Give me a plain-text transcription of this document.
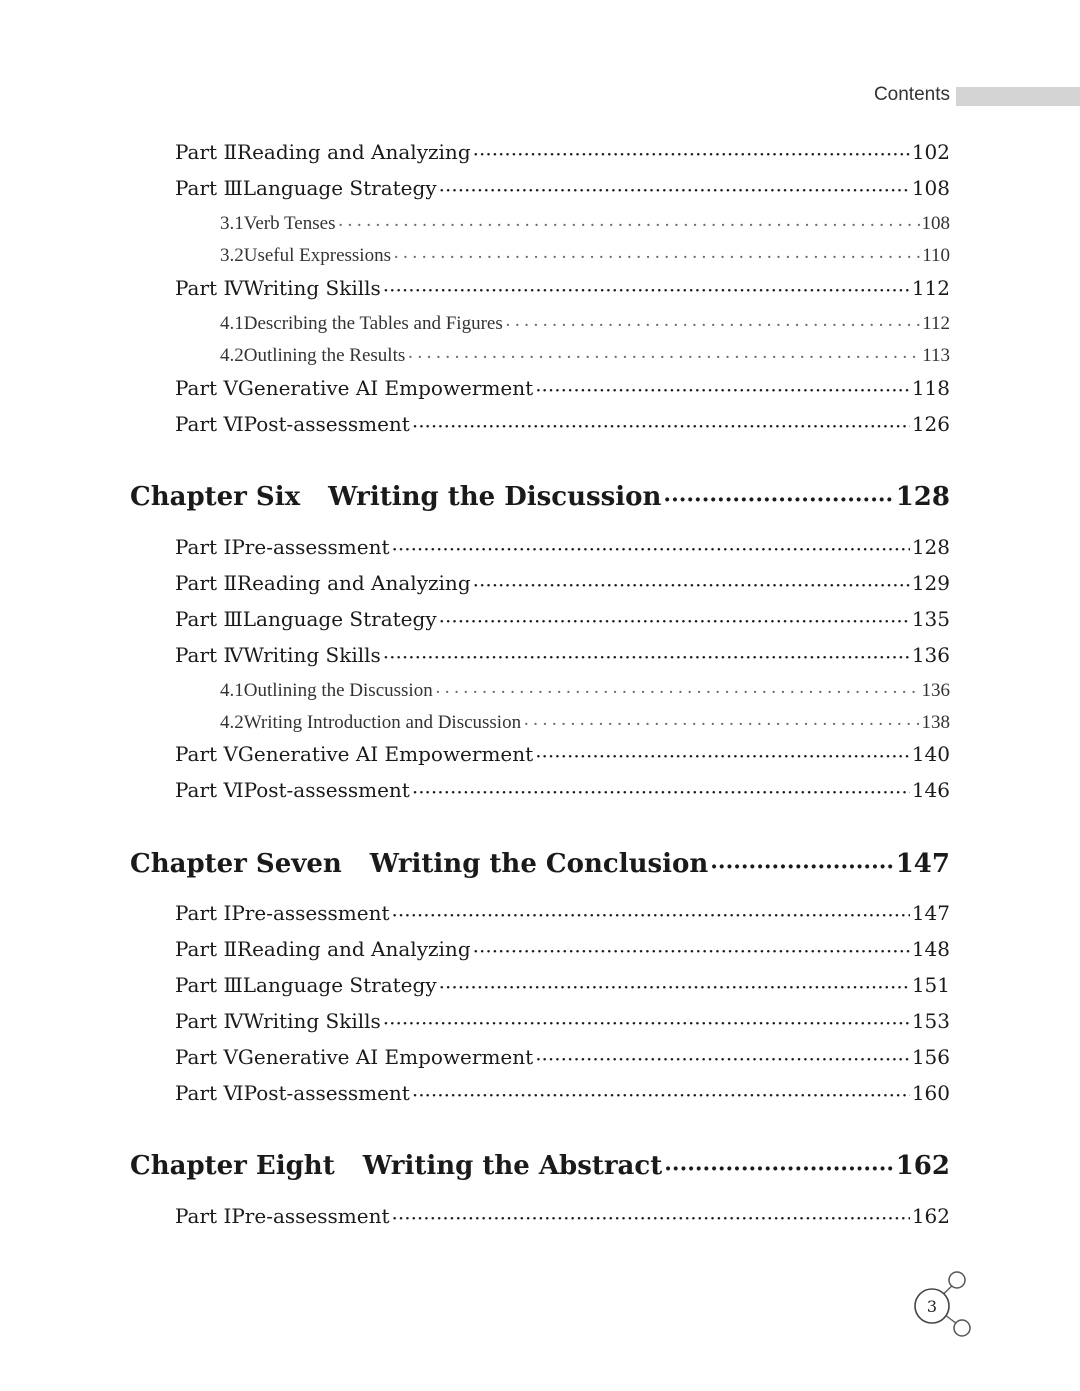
Contents
Part Ⅱ Reading and Analyzing ·····	102
Part Ⅲ Language Strategy ·····	108
3.1 Verb Tenses ·····	108
3.2 Useful Expressions ·····	110
Part Ⅳ Writing Skills ·····	112
4.1 Describing the Tables and Figures ·····	112
4.2 Outlining the Results ·····	113
Part Ⅴ Generative AI Empowerment ·····	118
Part Ⅵ Post-assessment ·····	126
Chapter Six Writing the Discussion ·····	128
Part Ⅰ Pre-assessment ·····	128
Part Ⅱ Reading and Analyzing ·····	129
Part Ⅲ Language Strategy ·····	135
Part Ⅳ Writing Skills ·····	136
4.1 Outlining the Discussion ·····	136
4.2 Writing Introduction and Discussion ·····	138
Part Ⅴ Generative AI Empowerment ·····	140
Part Ⅵ Post-assessment ·····	146
Chapter Seven Writing the Conclusion ·····	147
Part Ⅰ Pre-assessment ·····	147
Part Ⅱ Reading and Analyzing ·····	148
Part Ⅲ Language Strategy ·····	151
Part Ⅳ Writing Skills ·····	153
Part Ⅴ Generative AI Empowerment ·····	156
Part Ⅵ Post-assessment ·····	160
Chapter Eight Writing the Abstract ·····	162
Part Ⅰ Pre-assessment ·····	162
3
